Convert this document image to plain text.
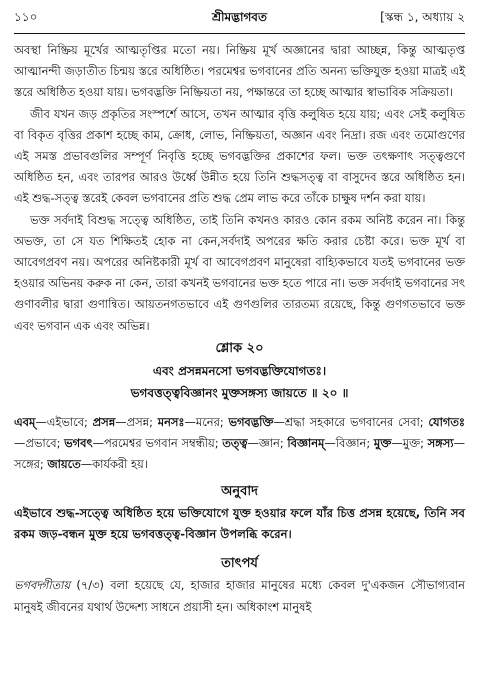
১১০	শ্রীমদ্ভাগবত	[স্কন্ধ ১, অধ্যায় ২

অবস্থা নিষ্ক্রিয় মূর্খের আত্মতৃপ্তির মতো নয়। নিষ্ক্রিয় মূর্খ অজ্ঞানের দ্বারা আচ্ছন্ন, কিন্তু আত্মতৃপ্ত আত্মানন্দী জড়াতীত চিন্ময় স্তরে অধিষ্ঠিত। পরমেশ্বর ভগবানের প্রতি অনন্য ভক্তিযুক্ত হওয়া মাত্রই এই স্তরে অধিষ্ঠিত হওয়া যায়। ভগবদ্ভক্তি নিষ্ক্রিয়তা নয়, পক্ষান্তরে তা হচ্ছে আত্মার স্বাভাবিক সক্রিয়তা।

জীব যখন জড় প্রকৃতির সংস্পর্শে আসে, তখন আত্মার বৃত্তি কলুষিত হয়ে যায়; এবং সেই কলুষিত বা বিকৃত বৃত্তির প্রকাশ হচ্ছে কাম, ক্রোধ, লোভ, নিষ্ক্রিয়তা, অজ্ঞান এবং নিদ্রা। রজ এবং তমোগুণের এই সমস্ত প্রভাবগুলির সম্পূর্ণ নিবৃত্তি হচ্ছে ভগবদ্ভক্তির প্রকাশের ফল। ভক্ত তৎক্ষণাৎ সত্ত্বগুণে অধিষ্ঠিত হন, এবং তারপর আরও উর্ধ্বে উন্নীত হয়ে তিনি শুদ্ধসত্ত্ব বা বাসুদেব স্তরে অধিষ্ঠিত হন। এই শুদ্ধ-সত্ত্ব স্তরেই কেবল ভগবানের প্রতি শুদ্ধ প্রেম লাভ করে তাঁকে চাক্ষুষ দর্শন করা যায়।

ভক্ত সর্বদাই বিশুদ্ধ সত্ত্বে অধিষ্ঠিত, তাই তিনি কখনও কারও কোন রকম অনিষ্ট করেন না। কিন্তু অভক্ত, তা সে যত শিক্ষিতই হোক না কেন,সর্বদাই অপরের ক্ষতি করার চেষ্টা করে। ভক্ত মূর্খ বা আবেগপ্রবণ নয়। অপরের অনিষ্টকারী মূর্খ বা আবেগপ্রবণ মানুষেরা বাহ্যিকভাবে যতই ভগবানের ভক্ত হওয়ার অভিনয় করুক না কেন, তারা কখনই ভগবানের ভক্ত হতে পারে না। ভক্ত সর্বদাই ভগবানের সৎ গুণাবলীর দ্বারা গুণান্বিত। আয়তনগতভাবে এই গুণগুলির তারতম্য রয়েছে, কিন্তু গুণগতভাবে ভক্ত এবং ভগবান এক এবং অভিন্ন।

শ্লোক ২০
এবং প্রসন্নমনসো ভগবদ্ভক্তিযোগতঃ।
ভগবত্তত্ত্ববিজ্ঞানং মুক্তসঙ্গস্য জায়তে ॥ ২০ ॥

এবম্—এইভাবে; প্রসন্ন—প্রসন্ন; মনসঃ—মনের; ভগবদ্ভক্তি—শ্রদ্ধা সহকারে ভগবানের সেবা; যোগতঃ—প্রভাবে; ভগবৎ—পরমেশ্বর ভগবান সম্বন্ধীয়; তত্ত্ব—জ্ঞান; বিজ্ঞানম্—বিজ্ঞান; মুক্ত—মুক্ত; সঙ্গস্য—সঙ্গের; জায়তে—কার্যকরী হয়।

অনুবাদ

এইভাবে শুদ্ধ-সত্ত্বে অধিষ্ঠিত হয়ে ভক্তিযোগে যুক্ত হওয়ার ফলে যাঁর চিত্ত প্রসন্ন হয়েছে, তিনি সব রকম জড়-বন্ধন মুক্ত হয়ে ভগবত্তত্ত্ব-বিজ্ঞান উপলব্ধি করেন।

তাৎপর্য

ভগবদ্গীতায় (৭/৩) বলা হয়েছে যে, হাজার হাজার মানুষের মধ্যে কেবল দু'একজন সৌভাগ্যবান মানুষই জীবনের যথার্থ উদ্দেশ্য সাধনে প্রয়াসী হন। অধিকাংশ মানুষই
